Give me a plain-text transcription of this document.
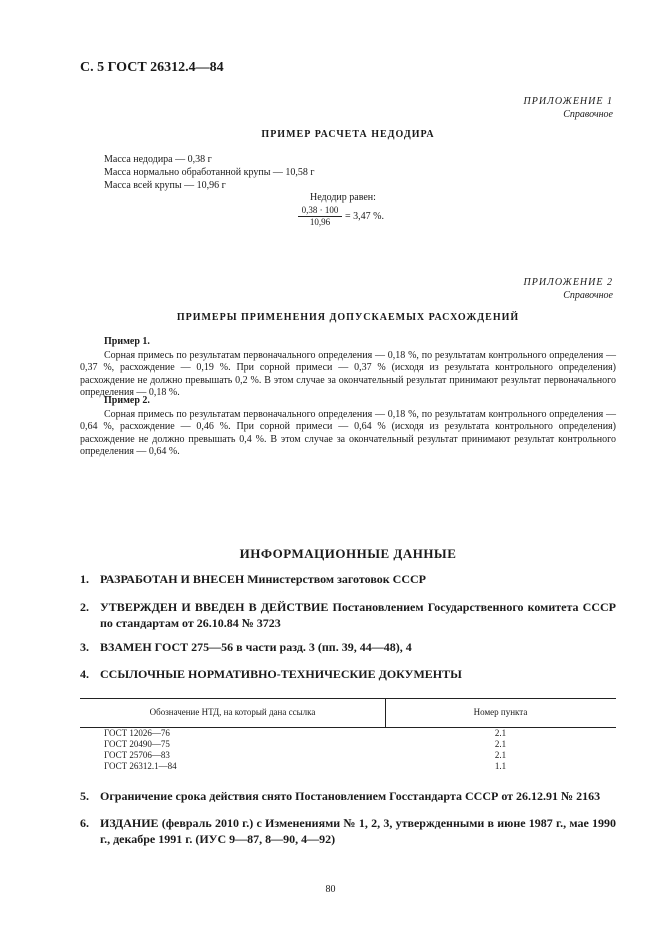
С. 5 ГОСТ 26312.4—84
ПРИЛОЖЕНИЕ 1
Справочное
ПРИМЕР РАСЧЕТА НЕДОДИРА
Масса недодира — 0,38 г
Масса нормально обработанной крупы — 10,58 г
Масса всей крупы — 10,96 г
Недодир равен:
$\frac{0,38 \cdot 100}{10,96} = 3,47$ %.
ПРИЛОЖЕНИЕ 2
Справочное
ПРИМЕРЫ ПРИМЕНЕНИЯ ДОПУСКАЕМЫХ РАСХОЖДЕНИЙ
Пример 1.

Сорная примесь по результатам первоначального определения — 0,18 %, по результатам контрольного определения — 0,37 %, расхождение — 0,19 %. При сорной примеси — 0,37 % (исходя из результата контрольного определения) расхождение не должно превышать 0,2 %. В этом случае за окончательный результат принимают результат первоначального определения — 0,18 %.

Пример 2.

Сорная примесь по результатам первоначального определения — 0,18 %, по результатам контрольного определения — 0,64 %, расхождение — 0,46 %. При сорной примеси — 0,64 % (исходя из результата контрольного определения) расхождение не должно превышать 0,4 %. В этом случае за окончательный результат принимают результат контрольного определения — 0,64 %.

ИНФОРМАЦИОННЫЕ ДАННЫЕ
1. РАЗРАБОТАН И ВНЕСЕН Министерством заготовок СССР
2. УТВЕРЖДЕН И ВВЕДЕН В ДЕЙСТВИЕ Постановлением Государственного комитета СССР по стандартам от 26.10.84 № 3723
3. ВЗАМЕН ГОСТ 275—56 в части разд. 3 (пп. 39, 44—48), 4
4. ССЫЛОЧНЫЕ НОРМАТИВНО-ТЕХНИЧЕСКИЕ ДОКУМЕНТЫ
Обозначение НТД, на который дана ссылка	Номер пункта
ГОСТ 12026—76
ГОСТ 20490—75
ГОСТ 25706—83
ГОСТ 26312.1—84
2.1
2.1
2.1
1.1
5. Ограничение срока действия снято Постановлением Госстандарта СССР от 26.12.91 № 2163
6. ИЗДАНИЕ (февраль 2010 г.) с Изменениями № 1, 2, 3, утвержденными в июне 1987 г., мае 1990 г., декабре 1991 г. (ИУС 9—87, 8—90, 4—92)
80
